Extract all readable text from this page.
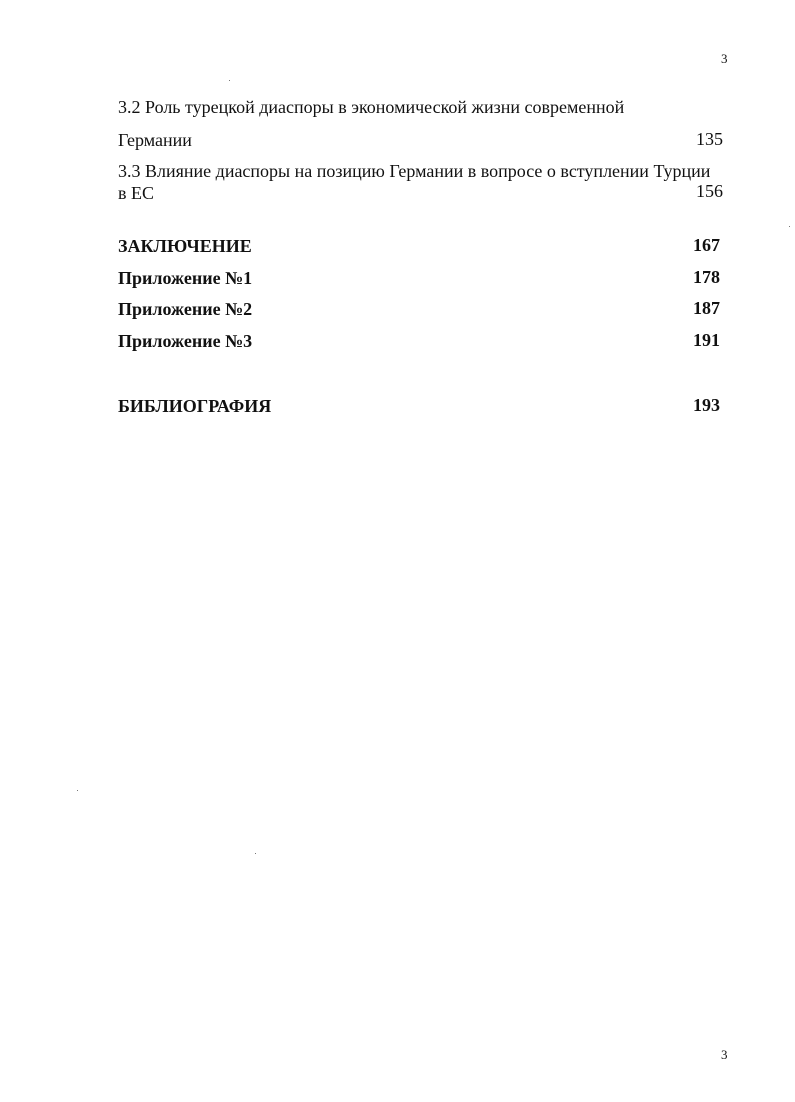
3
3.2 Роль турецкой диаспоры в экономической жизни современной
Германии	135
3.3 Влияние диаспоры на позицию Германии в вопросе о вступлении Турции
в ЕС	156
ЗАКЛЮЧЕНИЕ	167
Приложение №1	178
Приложение №2	187
Приложение №3	191
БИБЛИОГРАФИЯ	193
3
